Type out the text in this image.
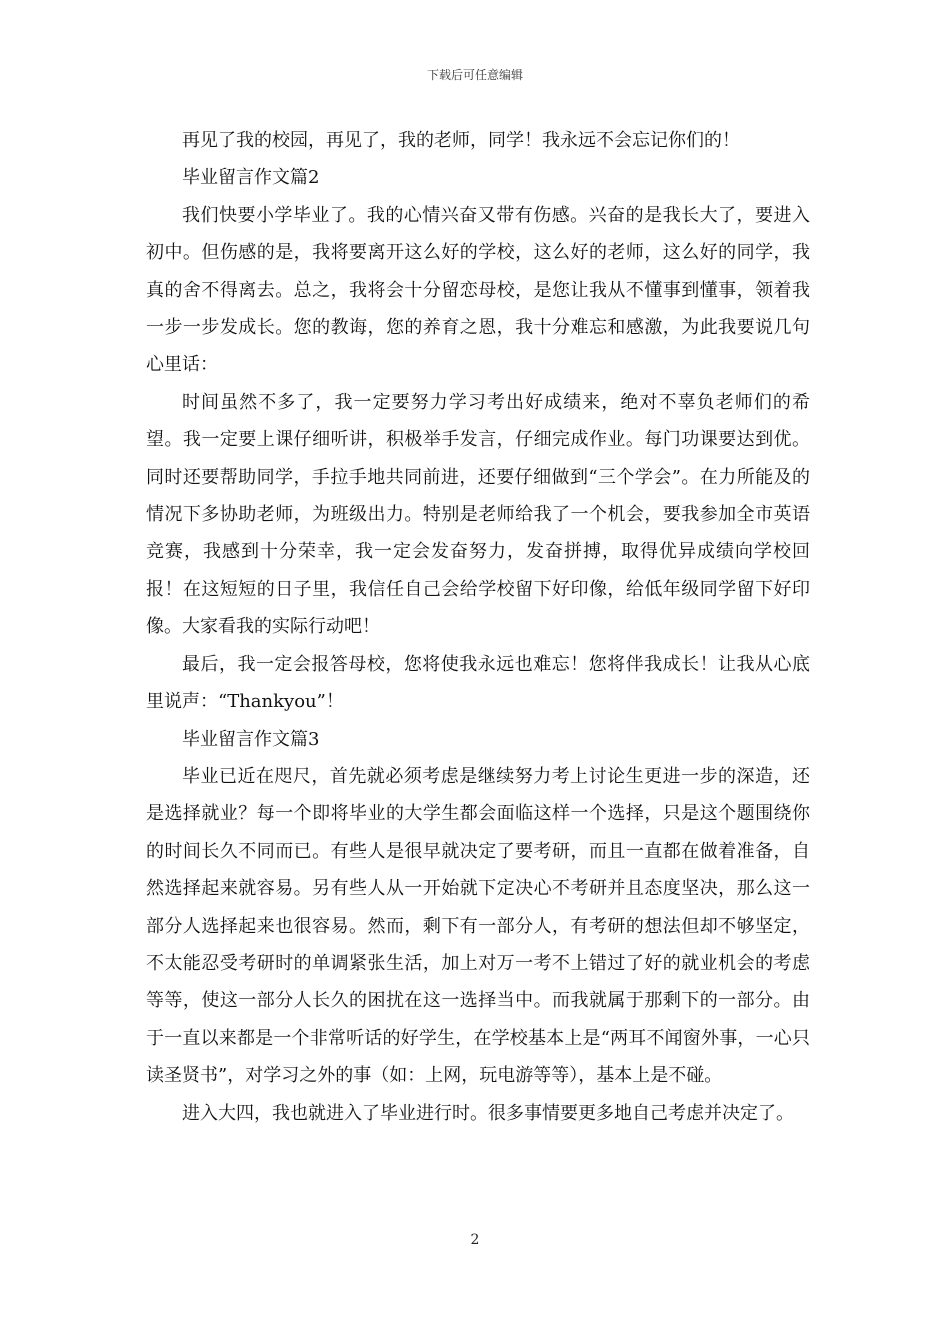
下载后可任意编辑

再见了我的校园，再见了，我的老师，同学！我永远不会忘记你们的！

毕业留言作文篇2

我们快要小学毕业了。我的心情兴奋又带有伤感。兴奋的是我长大了，要进入初中。但伤感的是，我将要离开这么好的学校，这么好的老师，这么好的同学，我真的舍不得离去。总之，我将会十分留恋母校，是您让我从不懂事到懂事，领着我一步一步发成长。您的教诲，您的养育之恩，我十分难忘和感激，为此我要说几句心里话：

时间虽然不多了，我一定要努力学习考出好成绩来，绝对不辜负老师们的希望。我一定要上课仔细听讲，积极举手发言，仔细完成作业。每门功课要达到优。同时还要帮助同学，手拉手地共同前进，还要仔细做到“三个学会”。在力所能及的情况下多协助老师，为班级出力。特别是老师给我了一个机会，要我参加全市英语竞赛，我感到十分荣幸，我一定会发奋努力，发奋拼搏，取得优异成绩向学校回报！在这短短的日子里，我信任自己会给学校留下好印像，给低年级同学留下好印像。大家看我的实际行动吧！

最后，我一定会报答母校，您将使我永远也难忘！您将伴我成长！让我从心底里说声：“Thankyou”！

毕业留言作文篇3

毕业已近在咫尺，首先就必须考虑是继续努力考上讨论生更进一步的深造，还是选择就业？每一个即将毕业的大学生都会面临这样一个选择，只是这个题围绕你的时间长久不同而已。有些人是很早就决定了要考研，而且一直都在做着准备，自然选择起来就容易。另有些人从一开始就下定决心不考研并且态度坚决，那么这一部分人选择起来也很容易。然而，剩下有一部分人，有考研的想法但却不够坚定，不太能忍受考研时的单调紧张生活，加上对万一考不上错过了好的就业机会的考虑等等，使这一部分人长久的困扰在这一选择当中。而我就属于那剩下的一部分。由于一直以来都是一个非常听话的好学生，在学校基本上是“两耳不闻窗外事，一心只读圣贤书”，对学习之外的事（如：上网，玩电游等等），基本上是不碰。

进入大四，我也就进入了毕业进行时。很多事情要更多地自己考虑并决定了。

2
